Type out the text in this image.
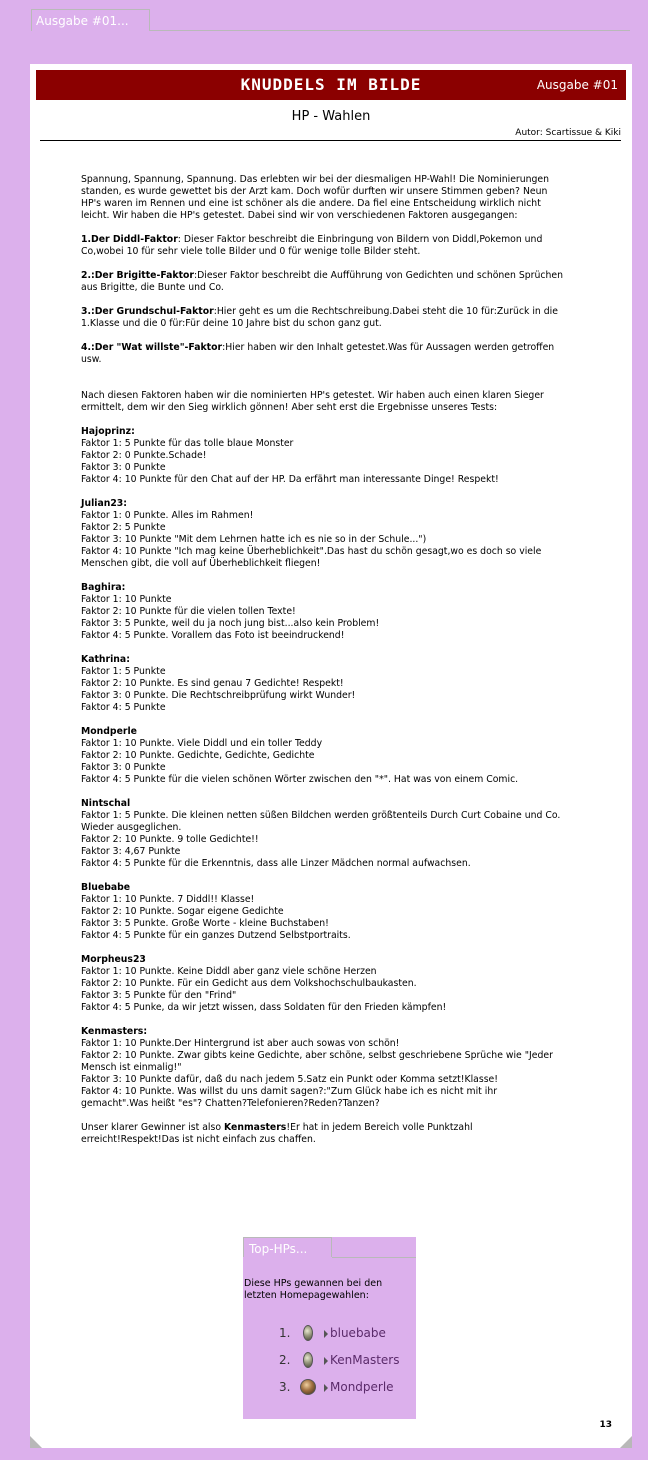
Ausgabe #01...
KNUDDELS IM BILDE	Ausgabe #01
HP - Wahlen
Autor: Scartissue & Kiki

Spannung, Spannung, Spannung. Das erlebten wir bei der diesmaligen HP-Wahl! Die Nominierungen standen, es wurde gewettet bis der Arzt kam. Doch wofür durften wir unsere Stimmen geben? Neun HP's waren im Rennen und eine ist schöner als die andere. Da fiel eine Entscheidung wirklich nicht leicht. Wir haben die HP's getestet. Dabei sind wir von verschiedenen Faktoren ausgegangen:

1.Der Diddl-Faktor: Dieser Faktor beschreibt die Einbringung von Bildern von Diddl,Pokemon und Co,wobei 10 für sehr viele tolle Bilder und 0 für wenige tolle Bilder steht.

2.:Der Brigitte-Faktor:Dieser Faktor beschreibt die Aufführung von Gedichten und schönen Sprüchen aus Brigitte, die Bunte und Co.

3.:Der Grundschul-Faktor:Hier geht es um die Rechtschreibung.Dabei steht die 10 für:Zurück in die 1.Klasse und die 0 für:Für deine 10 Jahre bist du schon ganz gut.

4.:Der "Wat willste"-Faktor:Hier haben wir den Inhalt getestet.Was für Aussagen werden getroffen usw.

Nach diesen Faktoren haben wir die nominierten HP's getestet. Wir haben auch einen klaren Sieger ermittelt, dem wir den Sieg wirklich gönnen! Aber seht erst die Ergebnisse unseres Tests:

Hajoprinz:
Faktor 1: 5 Punkte für das tolle blaue Monster
Faktor 2: 0 Punkte.Schade!
Faktor 3: 0 Punkte
Faktor 4: 10 Punkte für den Chat auf der HP. Da erfährt man interessante Dinge! Respekt!
Julian23:
Faktor 1: 0 Punkte. Alles im Rahmen!
Faktor 2: 5 Punkte
Faktor 3: 10 Punkte "Mit dem Lehrnen hatte ich es nie so in der Schule...")
Faktor 4: 10 Punkte "Ich mag keine Überheblichkeit".Das hast du schön gesagt,wo es doch so viele Menschen gibt, die voll auf Überheblichkeit fliegen!
Baghira:
Faktor 1: 10 Punkte
Faktor 2: 10 Punkte für die vielen tollen Texte!
Faktor 3: 5 Punkte, weil du ja noch jung bist...also kein Problem!
Faktor 4: 5 Punkte. Vorallem das Foto ist beeindruckend!
Kathrina:
Faktor 1: 5 Punkte
Faktor 2: 10 Punkte. Es sind genau 7 Gedichte! Respekt!
Faktor 3: 0 Punkte. Die Rechtschreibprüfung wirkt Wunder!
Faktor 4: 5 Punkte
Mondperle
Faktor 1: 10 Punkte. Viele Diddl und ein toller Teddy
Faktor 2: 10 Punkte. Gedichte, Gedichte, Gedichte
Faktor 3: 0 Punkte
Faktor 4: 5 Punkte für die vielen schönen Wörter zwischen den "*". Hat was von einem Comic.
Nintschal
Faktor 1: 5 Punkte. Die kleinen netten süßen Bildchen werden größtenteils Durch Curt Cobaine und Co. Wieder ausgeglichen.
Faktor 2: 10 Punkte. 9 tolle Gedichte!!
Faktor 3: 4,67 Punkte
Faktor 4: 5 Punkte für die Erkenntnis, dass alle Linzer Mädchen normal aufwachsen.
Bluebabe
Faktor 1: 10 Punkte. 7 Diddl!! Klasse!
Faktor 2: 10 Punkte. Sogar eigene Gedichte
Faktor 3: 5 Punkte. Große Worte - kleine Buchstaben!
Faktor 4: 5 Punkte für ein ganzes Dutzend Selbstportraits.
Morpheus23
Faktor 1: 10 Punkte. Keine Diddl aber ganz viele schöne Herzen
Faktor 2: 10 Punkte. Für ein Gedicht aus dem Volkshochschulbaukasten.
Faktor 3: 5 Punkte für den "Frind"
Faktor 4: 5 Punke, da wir jetzt wissen, dass Soldaten für den Frieden kämpfen!
Kenmasters:
Faktor 1: 10 Punkte.Der Hintergrund ist aber auch sowas von schön!
Faktor 2: 10 Punkte. Zwar gibts keine Gedichte, aber schöne, selbst geschriebene Sprüche wie "Jeder Mensch ist einmalig!"
Faktor 3: 10 Punkte dafür, daß du nach jedem 5.Satz ein Punkt oder Komma setzt!Klasse!
Faktor 4: 10 Punkte. Was willst du uns damit sagen?:"Zum Glück habe ich es nicht mit ihr gemacht".Was heißt "es"? Chatten?Telefonieren?Reden?Tanzen?

Unser klarer Gewinner ist also Kenmasters!Er hat in jedem Bereich volle Punktzahl erreicht!Respekt!Das ist nicht einfach zus chaffen.

Top-HPs...
Diese HPs gewannen bei den letzten Homepagewahlen:
1.	bluebabe
2.	KenMasters
3.	Mondperle
13
